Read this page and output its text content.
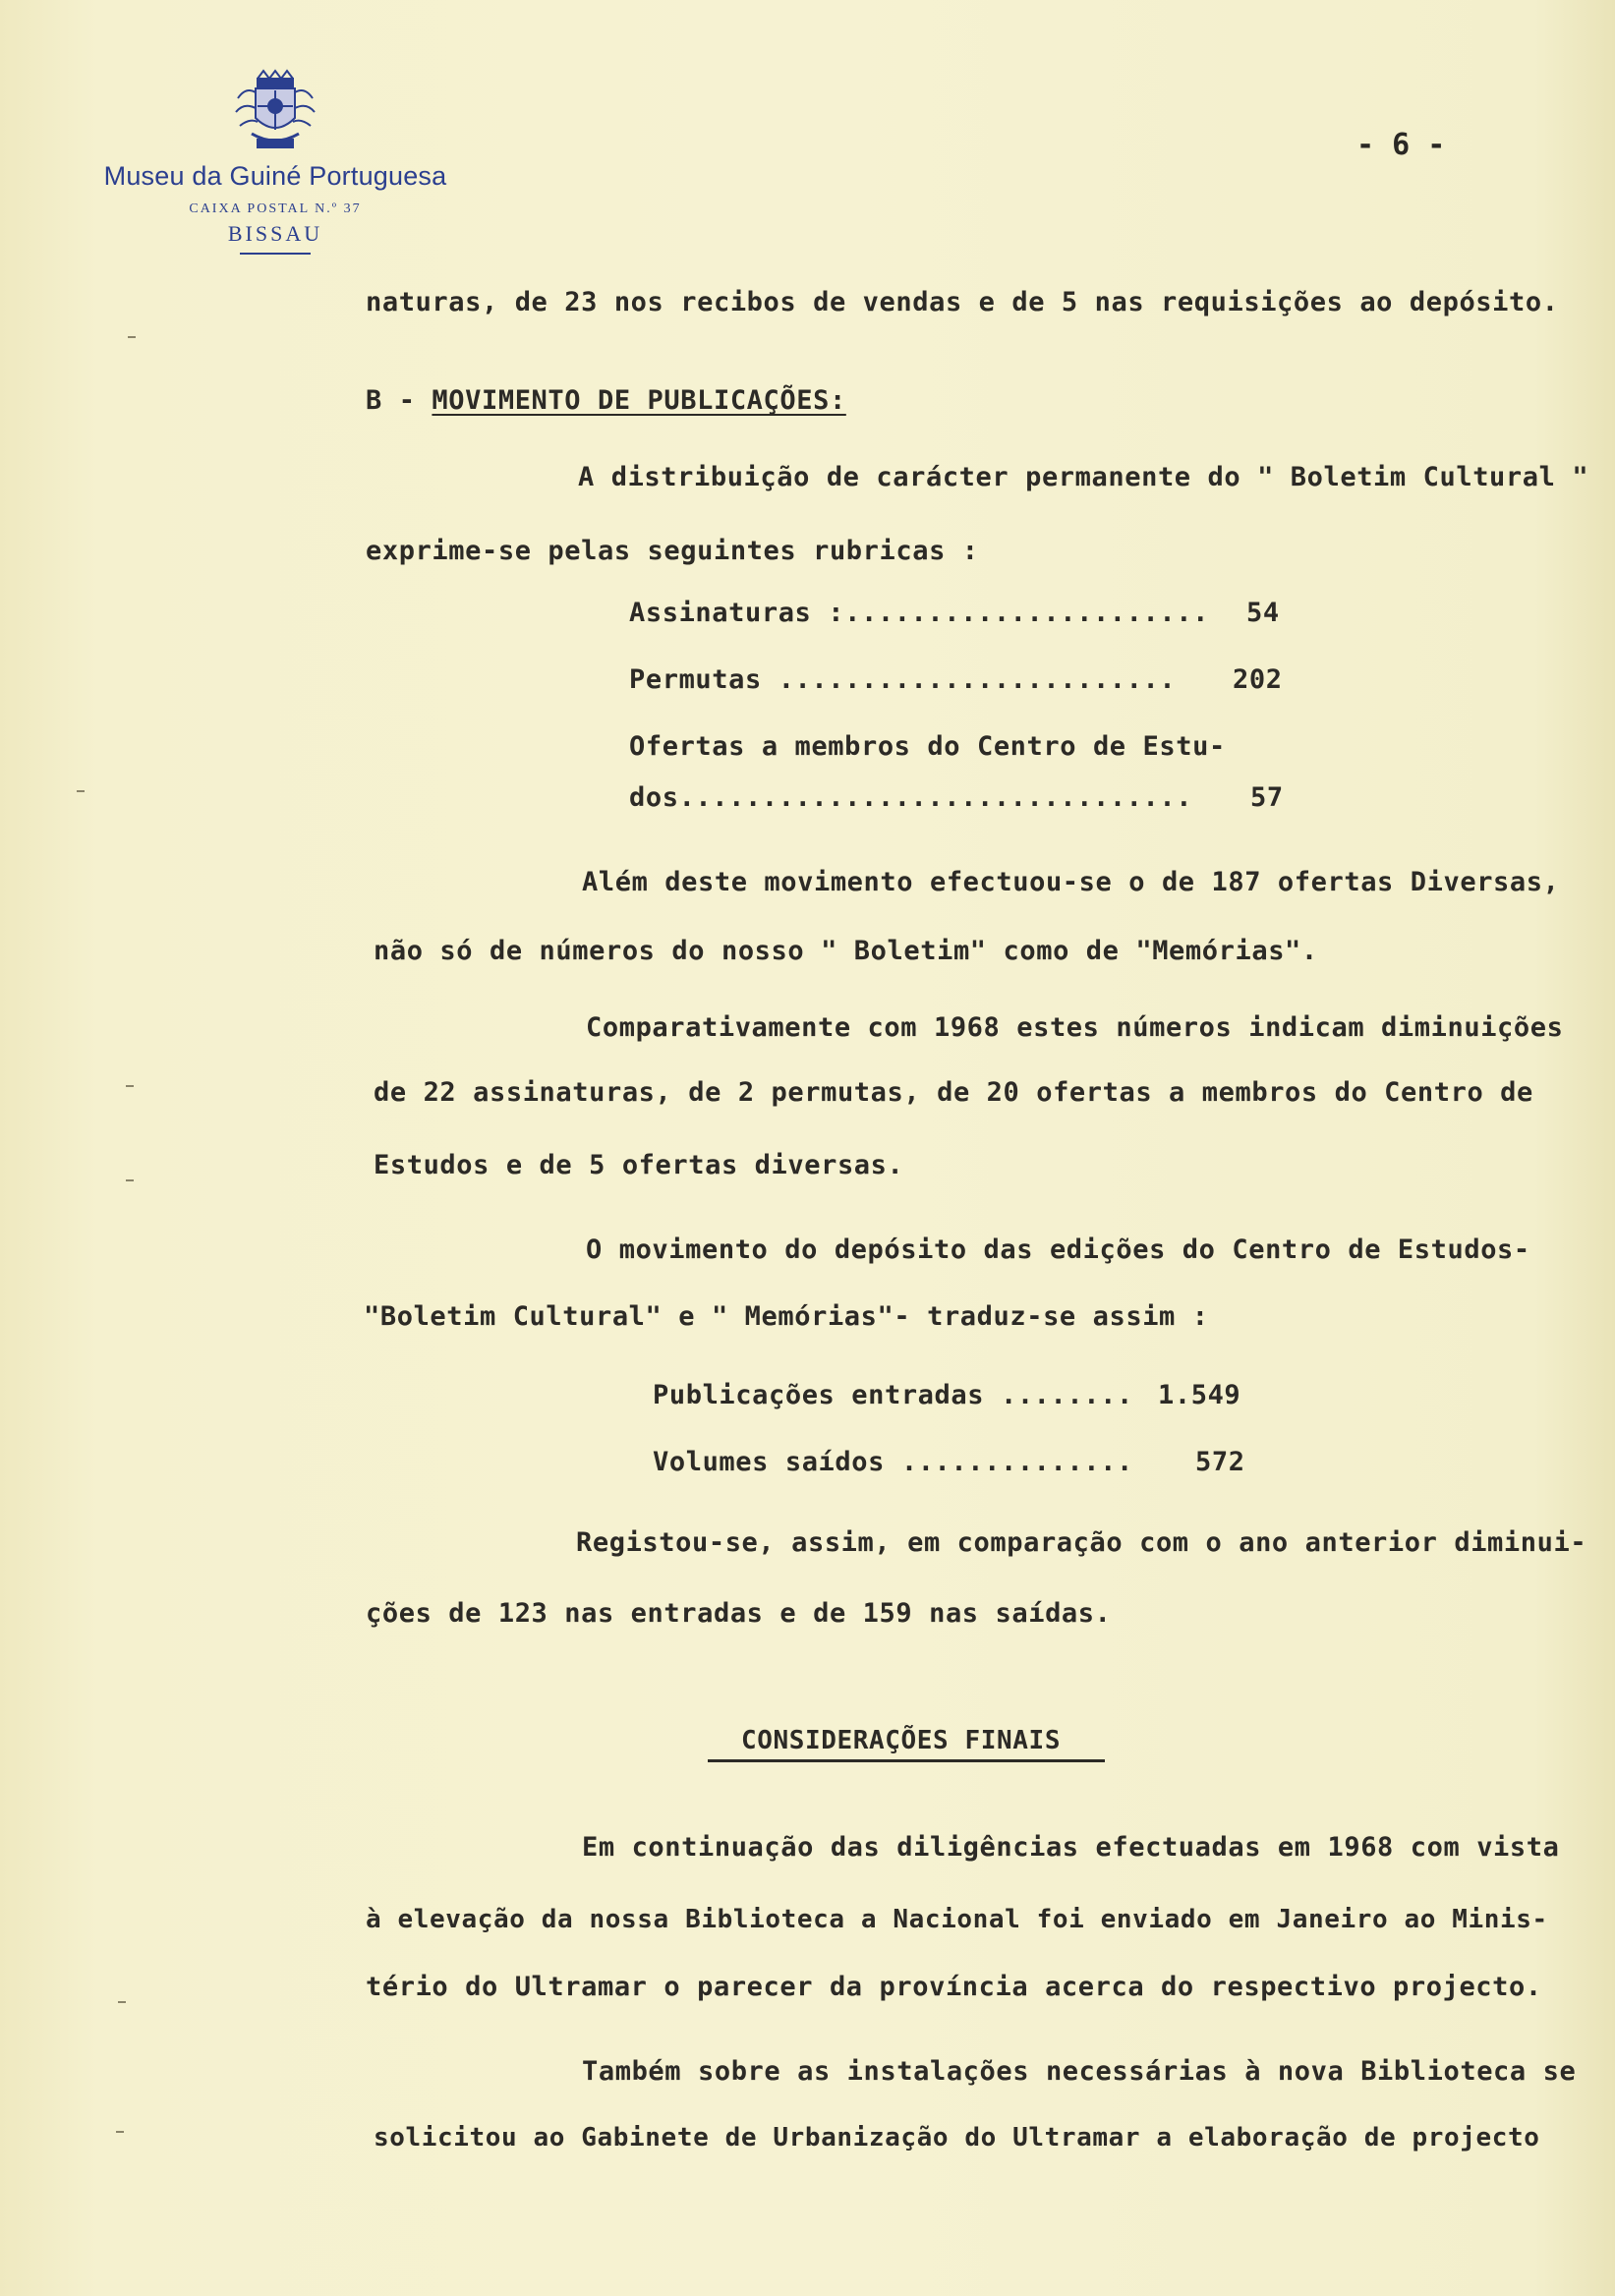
Museu da Guiné Portuguesa
CAIXA POSTAL N.º 37
BISSAU
- 6 -
naturas, de 23 nos recibos de vendas e de 5 nas requisições ao depósito.
B - MOVIMENTO DE PUBLICAÇÕES:
A distribuição de carácter permanente do " Boletim Cultural "
exprime-se pelas seguintes rubricas :
Assinaturas :...................... 54
Permutas ........................ 202
Ofertas a membros do Centro de Estu-
dos............................... 57
Além deste movimento efectuou-se o de 187 ofertas Diversas,
não só de números do nosso " Boletim" como de "Memórias".
Comparativamente com 1968 estes números indicam diminuições
de 22 assinaturas, de 2 permutas, de 20 ofertas a membros do Centro de
Estudos e de 5 ofertas diversas.
O movimento do depósito das edições do Centro de Estudos-
"Boletim Cultural" e " Memórias"- traduz-se assim :
Publicações entradas ........ 1.549
Volumes saídos .............. 572
Registou-se, assim, em comparação com o ano anterior diminui-
ções de 123 nas entradas e de 159 nas saídas.
CONSIDERAÇÕES FINAIS
Em continuação das diligências efectuadas em 1968 com vista
à elevação da nossa Biblioteca a Nacional foi enviado em Janeiro ao Minis-
tério do Ultramar o parecer da província acerca do respectivo projecto.
Também sobre as instalações necessárias à nova Biblioteca se
solicitou ao Gabinete de Urbanização do Ultramar a elaboração de projecto
